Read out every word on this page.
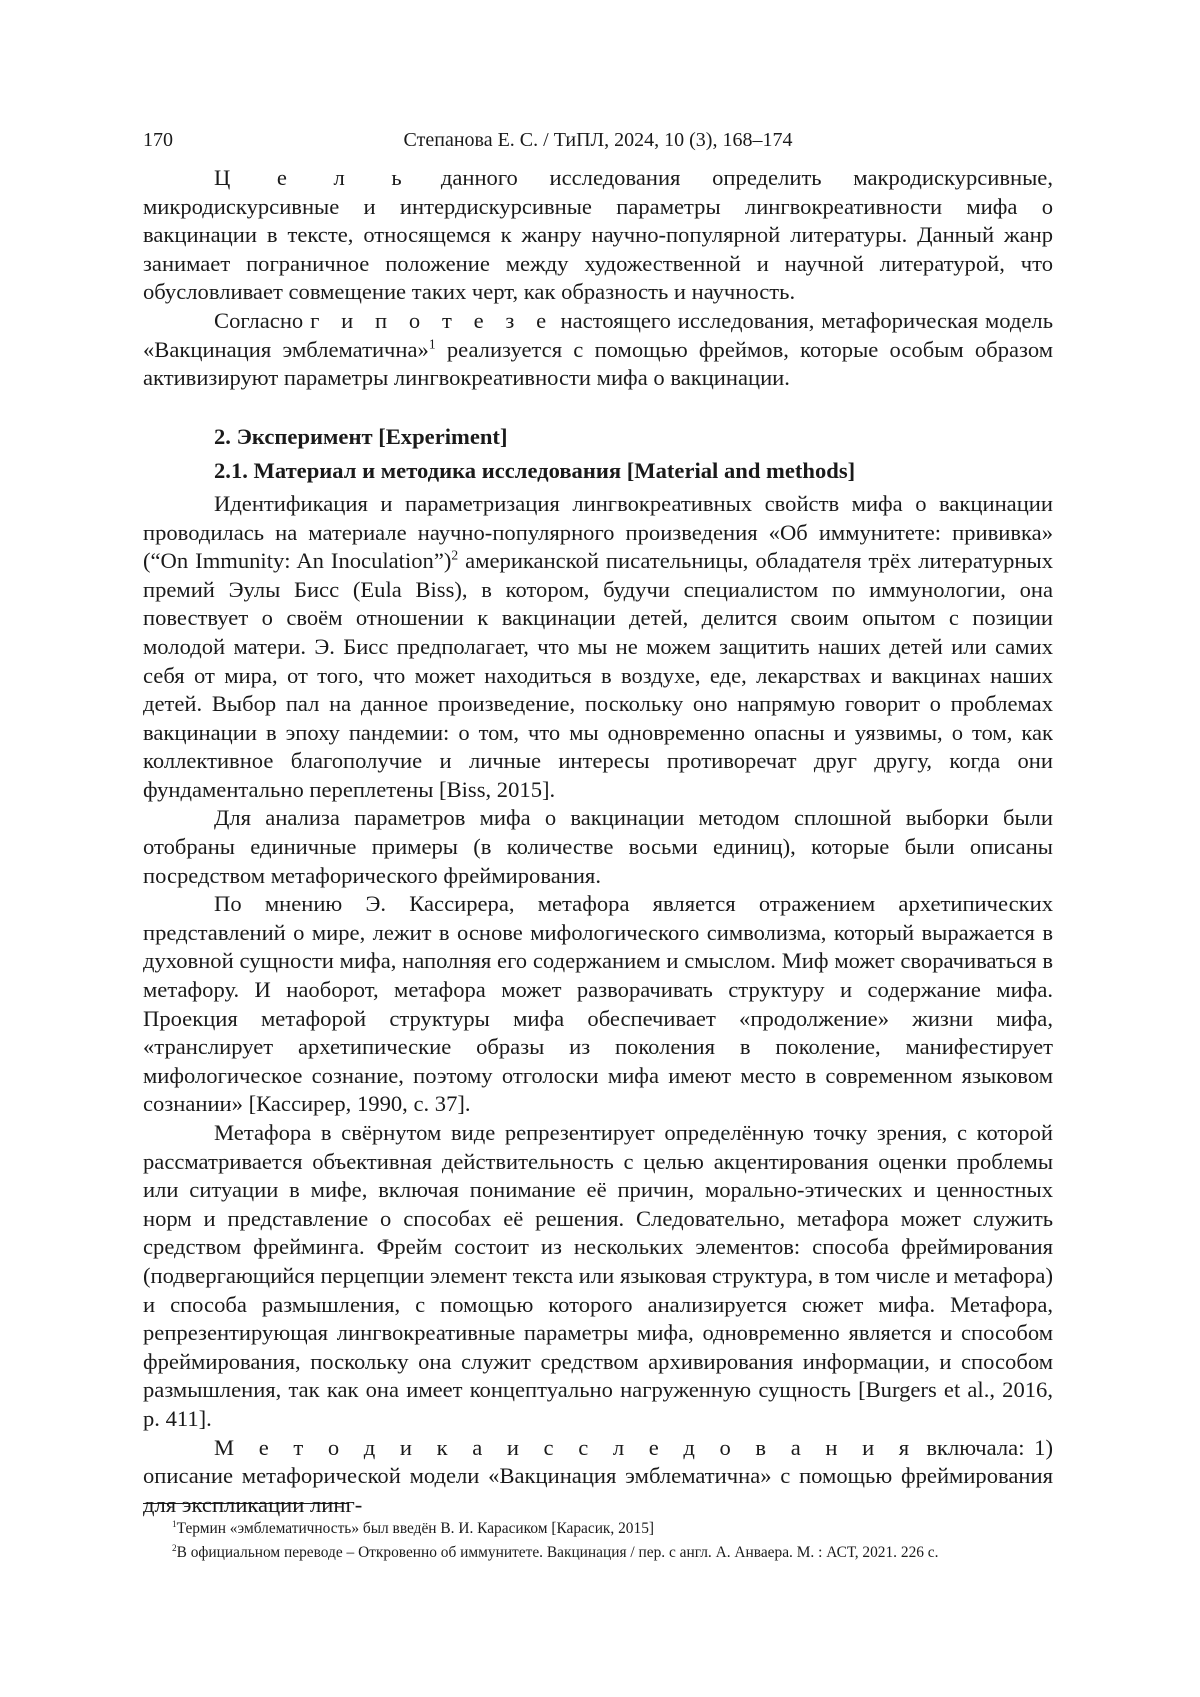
170	Степанова Е. С. / ТиПЛ, 2024, 10 (3), 168–174

Ц е л ь данного исследования определить макродискурсивные, микродискурсивные и интердискурсивные параметры лингвокреативности мифа о вакцинации в тексте, относящемся к жанру научно-популярной литературы. Данный жанр занимает пограничное положение между художественной и научной литературой, что обусловливает совмещение таких черт, как образность и научность.

Согласно г и п о т е з е настоящего исследования, метафорическая модель «Вакцинация эмблематична»$^1$ реализуется с помощью фреймов, которые особым образом активизируют параметры лингвокреативности мифа о вакцинации.

2. Эксперимент [Experiment]
2.1. Материал и методика исследования [Material and methods]

Идентификация и параметризация лингвокреативных свойств мифа о вакцинации проводилась на материале научно-популярного произведения «Об иммунитете: прививка» (“On Immunity: An Inoculation”)$^2$ американской писательницы, обладателя трёх литературных премий Эулы Бисс (Eula Biss), в котором, будучи специалистом по иммунологии, она повествует о своём отношении к вакцинации детей, делится своим опытом с позиции молодой матери. Э. Бисс предполагает, что мы не можем защитить наших детей или самих себя от мира, от того, что может находиться в воздухе, еде, лекарствах и вакцинах наших детей. Выбор пал на данное произведение, поскольку оно напрямую говорит о проблемах вакцинации в эпоху пандемии: о том, что мы одновременно опасны и уязвимы, о том, как коллективное благополучие и личные интересы противоречат друг другу, когда они фундаментально переплетены [Biss, 2015].

Для анализа параметров мифа о вакцинации методом сплошной выборки были отобраны единичные примеры (в количестве восьми единиц), которые были описаны посредством метафорического фреймирования.

По мнению Э. Кассирера, метафора является отражением архетипических представлений о мире, лежит в основе мифологического символизма, который выражается в духовной сущности мифа, наполняя его содержанием и смыслом. Миф может сворачиваться в метафору. И наоборот, метафора может разворачивать структуру и содержание мифа. Проекция метафорой структуры мифа обеспечивает «продолжение» жизни мифа, «транслирует архетипические образы из поколения в поколение, манифестирует мифологическое сознание, поэтому отголоски мифа имеют место в современном языковом сознании» [Кассирер, 1990, с. 37].

Метафора в свёрнутом виде репрезентирует определённую точку зрения, с которой рассматривается объективная действительность с целью акцентирования оценки проблемы или ситуации в мифе, включая понимание её причин, морально-этических и ценностных норм и представление о способах её решения. Следовательно, метафора может служить средством фрейминга. Фрейм состоит из нескольких элементов: способа фреймирования (подвергающийся перцепции элемент текста или языковая структура, в том числе и метафора) и способа размышления, с помощью которого анализируется сюжет мифа. Метафора, репрезентирующая лингвокреативные параметры мифа, одновременно является и способом фреймирования, поскольку она служит средством архивирования информации, и способом размышления, так как она имеет концептуально нагруженную сущность [Burgers et al., 2016, p. 411].

М е т о д и к а и с с л е д о в а н и я включала: 1) описание метафорической модели «Вакцинация эмблематична» с помощью фреймирования для экспликации линг-

$^1$Термин «эмблематичность» был введён В. И. Карасиком [Карасик, 2015]
$^2$В официальном переводе – Откровенно об иммунитете. Вакцинация / пер. с англ. А. Анваера. М. : АСТ, 2021. 226 с.
